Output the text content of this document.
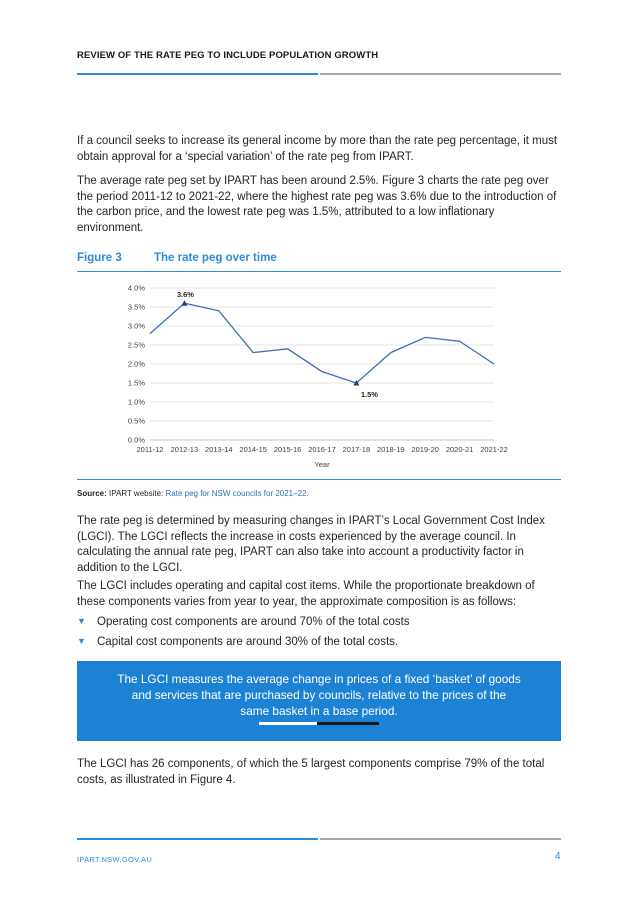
REVIEW OF THE RATE PEG TO INCLUDE POPULATION GROWTH

If a council seeks to increase its general income by more than the rate peg percentage, it must obtain approval for a ‘special variation’ of the rate peg from IPART.

The average rate peg set by IPART has been around 2.5%. Figure 3 charts the rate peg over the period 2011-12 to 2021-22, where the highest rate peg was 3.6% due to the introduction of the carbon price, and the lowest rate peg was 1.5%, attributed to a low inflationary environment.

Figure 3	The rate peg over time
0.0%
0.5%
1.0%
1.5%
2.0%
2.5%
3.0%
3.5%
4.0%
2011-12 2012-13 2013-14 2014-15 2015-16 2016-17 2017-18 2018-19 2019-20 2020-21 2021-22
Year
3.6%
1.5%
Source: IPART website: Rate peg for NSW councils for 2021–22.

The rate peg is determined by measuring changes in IPART’s Local Government Cost Index (LGCI). The LGCI reflects the increase in costs experienced by the average council. In calculating the annual rate peg, IPART can also take into account a productivity factor in addition to the LGCI.

The LGCI includes operating and capital cost items. While the proportionate breakdown of these components varies from year to year, the approximate composition is as follows:

▼ Operating cost components are around 70% of the total costs
▼ Capital cost components are around 30% of the total costs.
The LGCI measures the average change in prices of a fixed ‘basket’ of goods and services that are purchased by councils, relative to the prices of the same basket in a base period.

The LGCI has 26 components, of which the 5 largest components comprise 79% of the total costs, as illustrated in Figure 4.

IPART.NSW.GOV.AU	4
